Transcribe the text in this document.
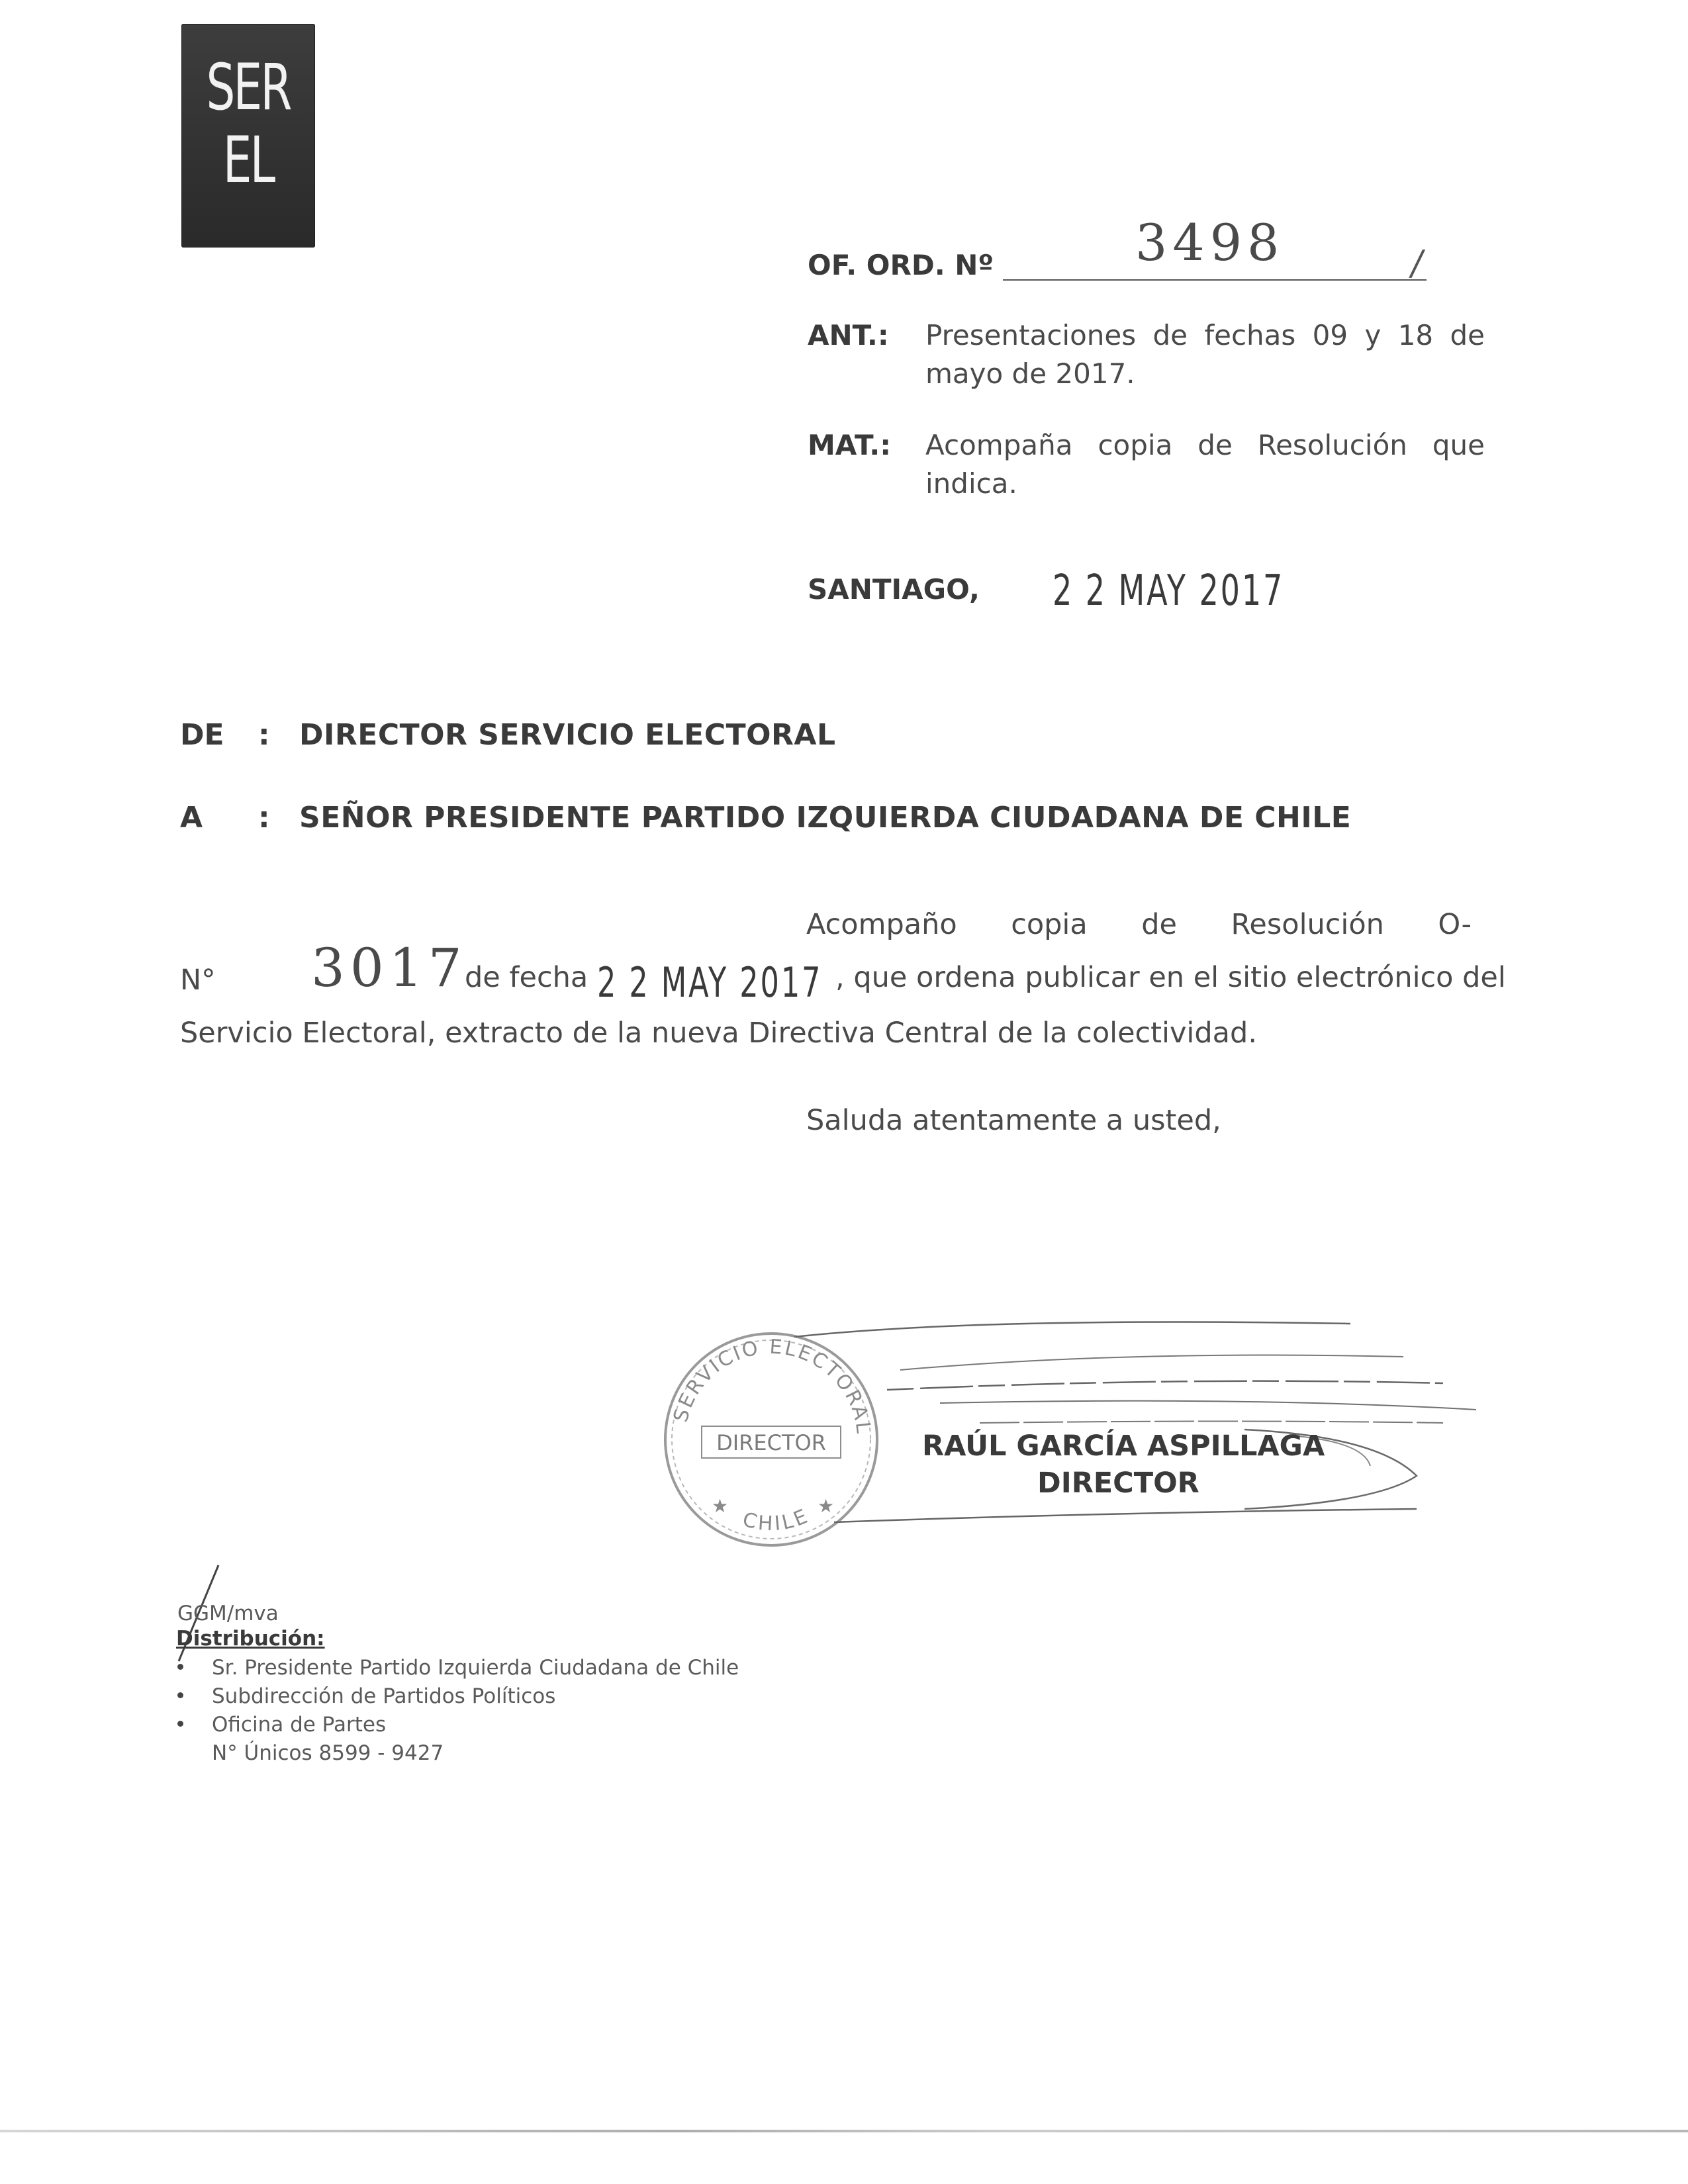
SER
EL
OF. ORD. Nº	3498	/
ANT.: Presentaciones de fechas 09 y 18 de mayo de 2017.
MAT.: Acompaña copia de Resolución que indica.
SANTIAGO, 2 2 MAY 2017
DE : DIRECTOR SERVICIO ELECTORAL
A : SEÑOR PRESIDENTE PARTIDO IZQUIERDA CIUDADANA DE CHILE
Acompaño copia de Resolución O-
N° 3017
de fecha 2 2 MAY 2017 , que ordena publicar en el sitio electrónico del
Servicio Electoral, extracto de la nueva Directiva Central de la colectividad.
Saluda atentamente a usted,
SERVICIO ELECTORAL
CHILE
DIRECTOR
★	★
RAÚL GARCÍA ASPILLAGA
DIRECTOR
GGM/mva
Distribución:
Sr. Presidente Partido Izquierda Ciudadana de Chile
Subdirección de Partidos Políticos
Oficina de Partes
N° Únicos 8599 - 9427
